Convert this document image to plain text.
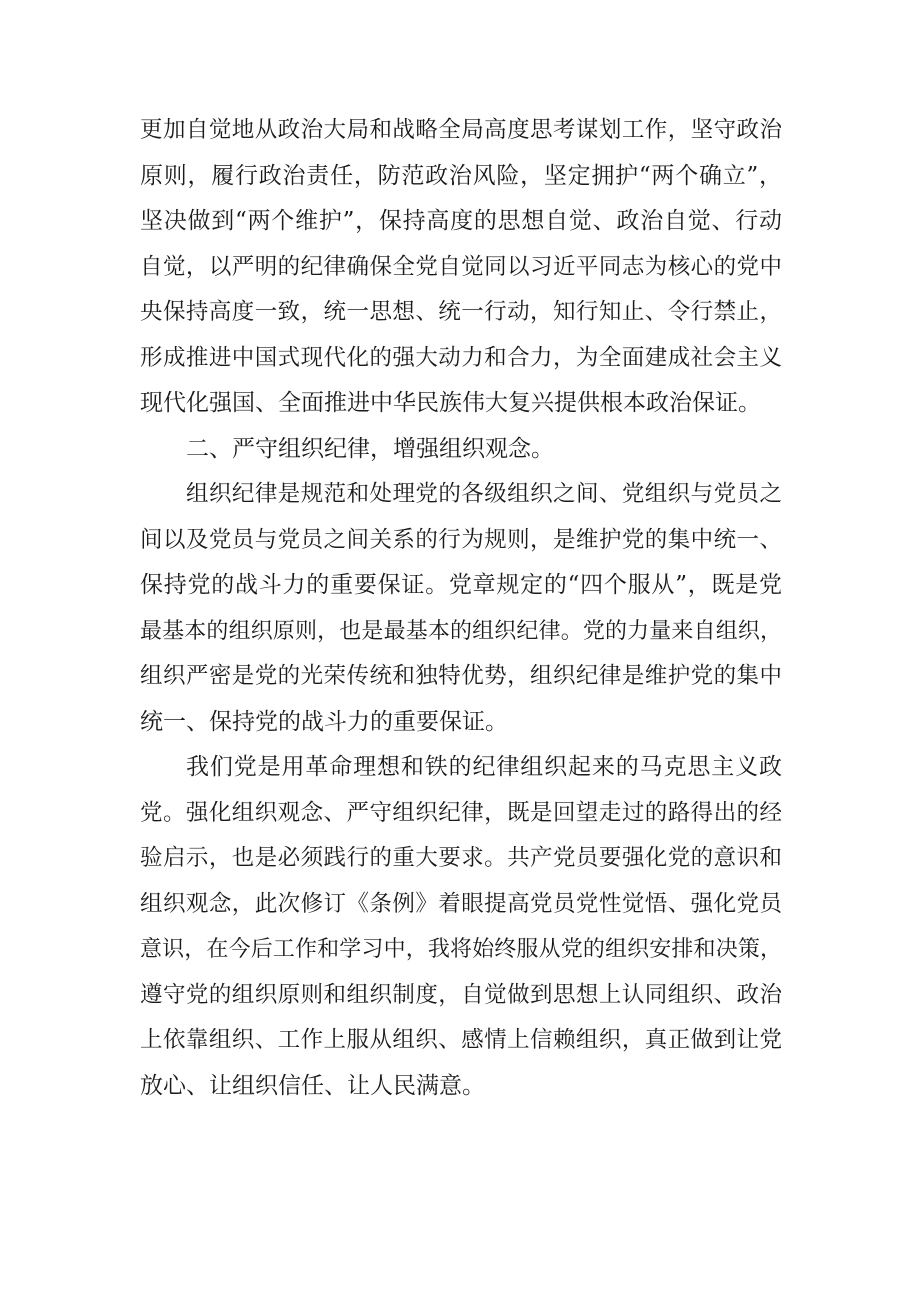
更加自觉地从政治大局和战略全局高度思考谋划工作，坚守政治
原则，履行政治责任，防范政治风险，坚定拥护“两个确立”，
坚决做到“两个维护”，保持高度的思想自觉、政治自觉、行动
自觉，以严明的纪律确保全党自觉同以习近平同志为核心的党中
央保持高度一致，统一思想、统一行动，知行知止、令行禁止，
形成推进中国式现代化的强大动力和合力，为全面建成社会主义
现代化强国、全面推进中华民族伟大复兴提供根本政治保证。
二、严守组织纪律，增强组织观念。
组织纪律是规范和处理党的各级组织之间、党组织与党员之
间以及党员与党员之间关系的行为规则，是维护党的集中统一、
保持党的战斗力的重要保证。党章规定的“四个服从”，既是党
最基本的组织原则，也是最基本的组织纪律。党的力量来自组织，
组织严密是党的光荣传统和独特优势，组织纪律是维护党的集中
统一、保持党的战斗力的重要保证。
我们党是用革命理想和铁的纪律组织起来的马克思主义政
党。强化组织观念、严守组织纪律，既是回望走过的路得出的经
验启示，也是必须践行的重大要求。共产党员要强化党的意识和
组织观念，此次修订《条例》着眼提高党员党性觉悟、强化党员
意识，在今后工作和学习中，我将始终服从党的组织安排和决策，
遵守党的组织原则和组织制度，自觉做到思想上认同组织、政治
上依靠组织、工作上服从组织、感情上信赖组织，真正做到让党
放心、让组织信任、让人民满意。
